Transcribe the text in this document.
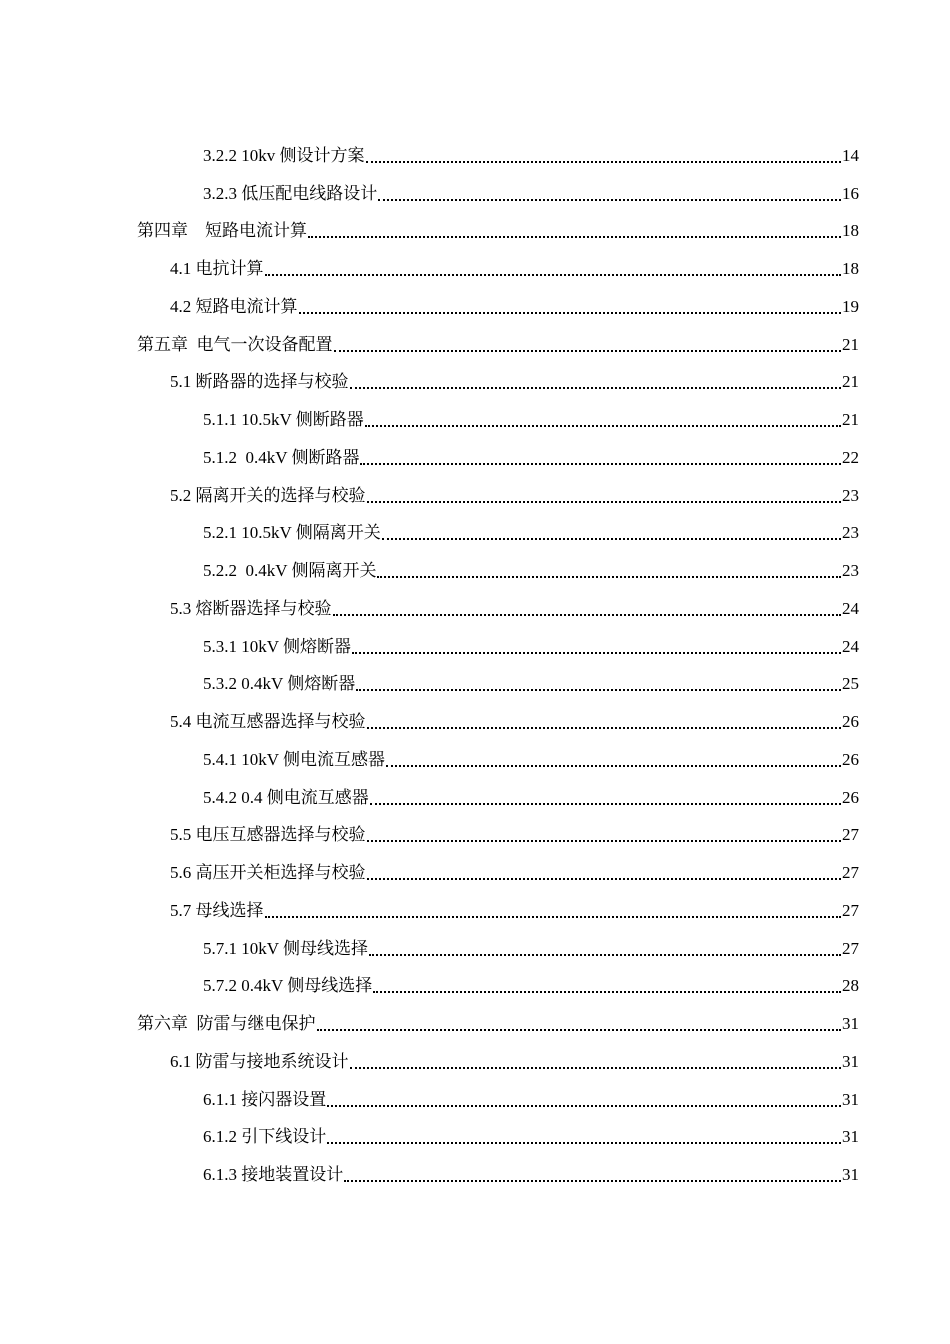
3.2.2 10kv 侧设计方案	14
3.2.3 低压配电线路设计	16
第四章　短路电流计算	18
4.1 电抗计算	18
4.2 短路电流计算	19
第五章  电气一次设备配置	21
5.1 断路器的选择与校验	21
5.1.1 10.5kV 侧断路器	21
5.1.2  0.4kV 侧断路器	22
5.2 隔离开关的选择与校验	23
5.2.1 10.5kV 侧隔离开关	23
5.2.2  0.4kV 侧隔离开关	23
5.3 熔断器选择与校验	24
5.3.1 10kV 侧熔断器	24
5.3.2 0.4kV 侧熔断器	25
5.4 电流互感器选择与校验	26
5.4.1 10kV 侧电流互感器	26
5.4.2 0.4 侧电流互感器	26
5.5 电压互感器选择与校验	27
5.6 高压开关柜选择与校验	27
5.7 母线选择	27
5.7.1 10kV 侧母线选择	27
5.7.2 0.4kV 侧母线选择	28
第六章  防雷与继电保护	31
6.1 防雷与接地系统设计	31
6.1.1 接闪器设置	31
6.1.2 引下线设计	31
6.1.3 接地装置设计	31
